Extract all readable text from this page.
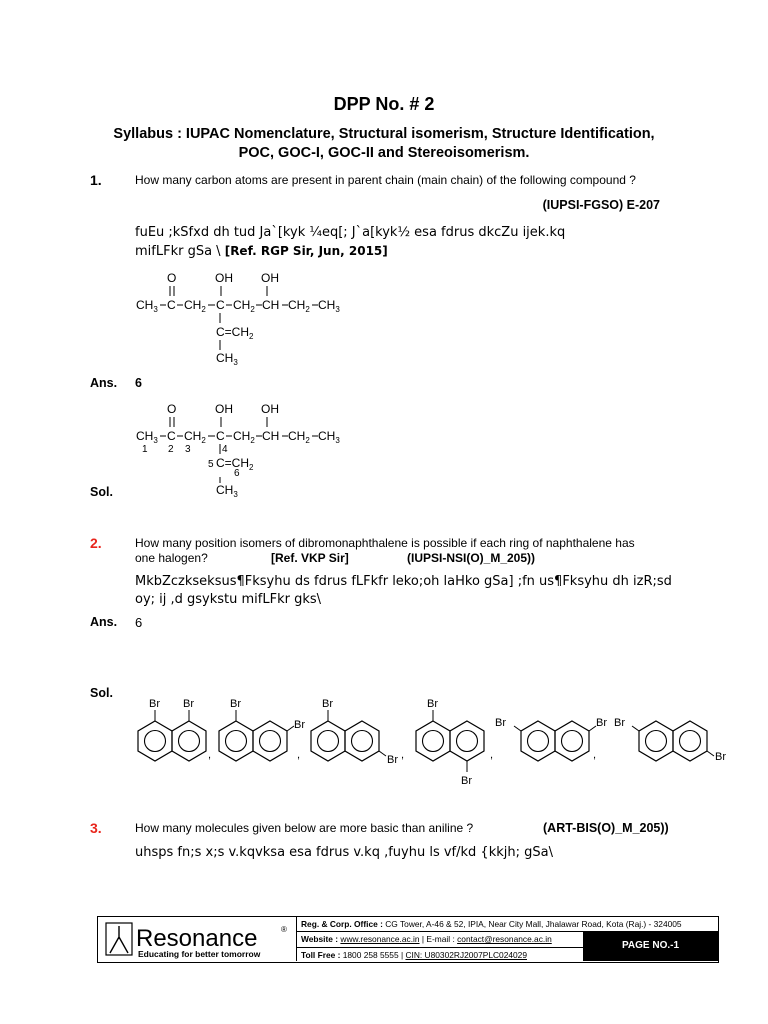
DPP No. # 2
Syllabus : IUPAC Nomenclature, Structural isomerism, Structure Identification,
POC, GOC-I, GOC-II and Stereoisomerism.
1.	How many carbon atoms are present in parent chain (main chain) of the following compound ?
(IUPSI-FGSO) E-207
fuEu ;kSfxd dh tud Ja`[kyk ¼eq[; J`a[kyk½ esa fdrus dkcZu ijek.kq
mifLFkr gSa \ [Ref. RGP Sir, Jun, 2015]
O	OH OH
$CH_3$ C $CH_2$ C $CH_2$ CH $CH_2$ $CH_3$
$C=CH_2$
$CH_3$
Ans. 6
O	OH OH
$CH_3$ C $CH_2$ C $CH_2$ CH $CH_2$ $CH_3$
1 2 3	4
5
6
$C=CH_2$
$CH_3$
Sol.
2.	How many position isomers of dibromonaphthalene is possible if each ring of naphthalene has
one halogen?	[Ref. VKP Sir]	(IUPSI-NSI(O)_M_205))
MkbZczkseksus¶Fksyhu ds fdrus fLFkfr leko;oh laHko gSa] ;fn us¶Fksyhu dh izR;sd
oy; ij ,d gsykstu mifLFkr gks\
Ans. 6
Sol.
Br Br
,
Br
Br
,
Br
Br ,
Br
Br
,
Br	Br
,
Br
Br
3.	How many molecules given below are more basic than aniline ?	(ART-BIS(O)_M_205))
uhsps fn;s x;s v.kqvksa esa fdrus v.kq ,fuyhu ls vf/kd {kkjh; gSa\
Resonance	®
Educating for better tomorrow
Reg. & Corp. Office : CG Tower, A-46 & 52, IPIA, Near City Mall, Jhalawar Road, Kota (Raj.) - 324005
Website : www.resonance.ac.in | E-mail : contact@resonance.ac.in
Toll Free : 1800 258 5555 | CIN: U80302RJ2007PLC024029
PAGE NO.-1
